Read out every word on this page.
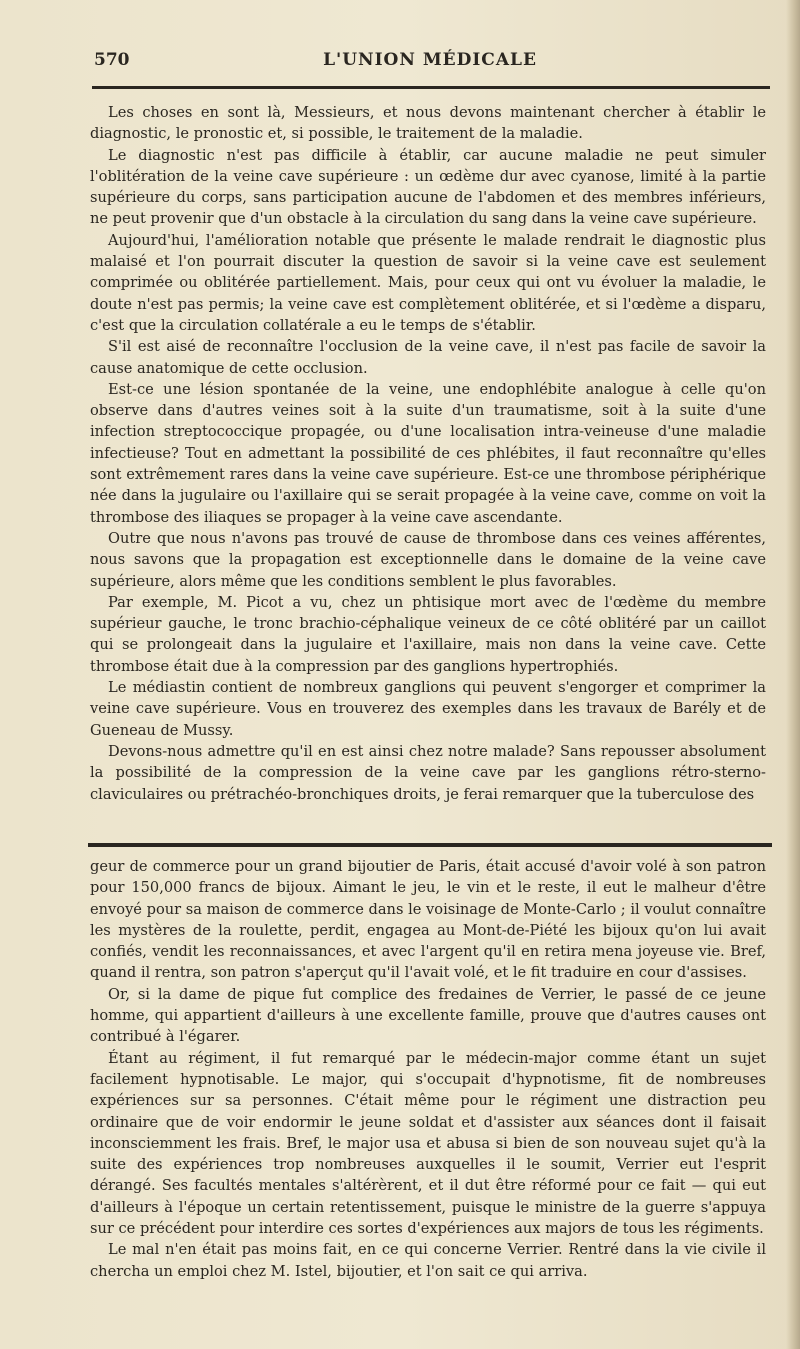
570	L'UNION MÉDICALE

Les choses en sont là, Messieurs, et nous devons maintenant chercher à établir le diagnostic, le pronostic et, si possible, le traitement de la maladie.

Le diagnostic n'est pas difficile à établir, car aucune maladie ne peut simuler l'oblitération de la veine cave supérieure : un œdème dur avec cyanose, limité à la partie supérieure du corps, sans participation aucune de l'abdomen et des membres inférieurs, ne peut provenir que d'un obstacle à la circulation du sang dans la veine cave supérieure.

Aujourd'hui, l'amélioration notable que présente le malade rendrait le diagnostic plus malaisé et l'on pourrait discuter la question de savoir si la veine cave est seulement comprimée ou oblitérée partiellement. Mais, pour ceux qui ont vu évoluer la maladie, le doute n'est pas permis; la veine cave est complètement oblitérée, et si l'œdème a disparu, c'est que la circulation collatérale a eu le temps de s'établir.

S'il est aisé de reconnaître l'occlusion de la veine cave, il n'est pas facile de savoir la cause anatomique de cette occlusion.

Est-ce une lésion spontanée de la veine, une endophlébite analogue à celle qu'on observe dans d'autres veines soit à la suite d'un traumatisme, soit à la suite d'une infection streptococcique propagée, ou d'une localisation intra-veineuse d'une maladie infectieuse? Tout en admettant la possibilité de ces phlébites, il faut reconnaître qu'elles sont extrêmement rares dans la veine cave supérieure. Est-ce une thrombose périphérique née dans la jugulaire ou l'axillaire qui se serait propagée à la veine cave, comme on voit la thrombose des iliaques se propager à la veine cave ascendante.

Outre que nous n'avons pas trouvé de cause de thrombose dans ces veines afférentes, nous savons que la propagation est exceptionnelle dans le domaine de la veine cave supérieure, alors même que les conditions semblent le plus favorables.

Par exemple, M. Picot a vu, chez un phtisique mort avec de l'œdème du membre supérieur gauche, le tronc brachio-céphalique veineux de ce côté oblitéré par un caillot qui se prolongeait dans la jugulaire et l'axillaire, mais non dans la veine cave. Cette thrombose était due à la compression par des ganglions hypertrophiés.

Le médiastin contient de nombreux ganglions qui peuvent s'engorger et comprimer la veine cave supérieure. Vous en trouverez des exemples dans les travaux de Barély et de Gueneau de Mussy.

Devons-nous admettre qu'il en est ainsi chez notre malade? Sans repousser absolument la possibilité de la compression de la veine cave par les ganglions rétro-sterno-claviculaires ou prétrachéo-bronchiques droits, je ferai remarquer que la tuberculose des

geur de commerce pour un grand bijoutier de Paris, était accusé d'avoir volé à son patron pour 150,000 francs de bijoux. Aimant le jeu, le vin et le reste, il eut le malheur d'être envoyé pour sa maison de commerce dans le voisinage de Monte-Carlo ; il voulut connaître les mystères de la roulette, perdit, engagea au Mont-de-Piété les bijoux qu'on lui avait confiés, vendit les reconnaissances, et avec l'argent qu'il en retira mena joyeuse vie. Bref, quand il rentra, son patron s'aperçut qu'il l'avait volé, et le fit traduire en cour d'assises.

Or, si la dame de pique fut complice des fredaines de Verrier, le passé de ce jeune homme, qui appartient d'ailleurs à une excellente famille, prouve que d'autres causes ont contribué à l'égarer.

Étant au régiment, il fut remarqué par le médecin-major comme étant un sujet facilement hypnotisable. Le major, qui s'occupait d'hypnotisme, fit de nombreuses expériences sur sa personnes. C'était même pour le régiment une distraction peu ordinaire que de voir endormir le jeune soldat et d'assister aux séances dont il faisait inconsciemment les frais. Bref, le major usa et abusa si bien de son nouveau sujet qu'à la suite des expériences trop nombreuses auxquelles il le soumit, Verrier eut l'esprit dérangé. Ses facultés mentales s'altérèrent, et il dut être réformé pour ce fait — qui eut d'ailleurs à l'époque un certain retentissement, puisque le ministre de la guerre s'appuya sur ce précédent pour interdire ces sortes d'expériences aux majors de tous les régiments.

Le mal n'en était pas moins fait, en ce qui concerne Verrier. Rentré dans la vie civile il chercha un emploi chez M. Istel, bijoutier, et l'on sait ce qui arriva.
